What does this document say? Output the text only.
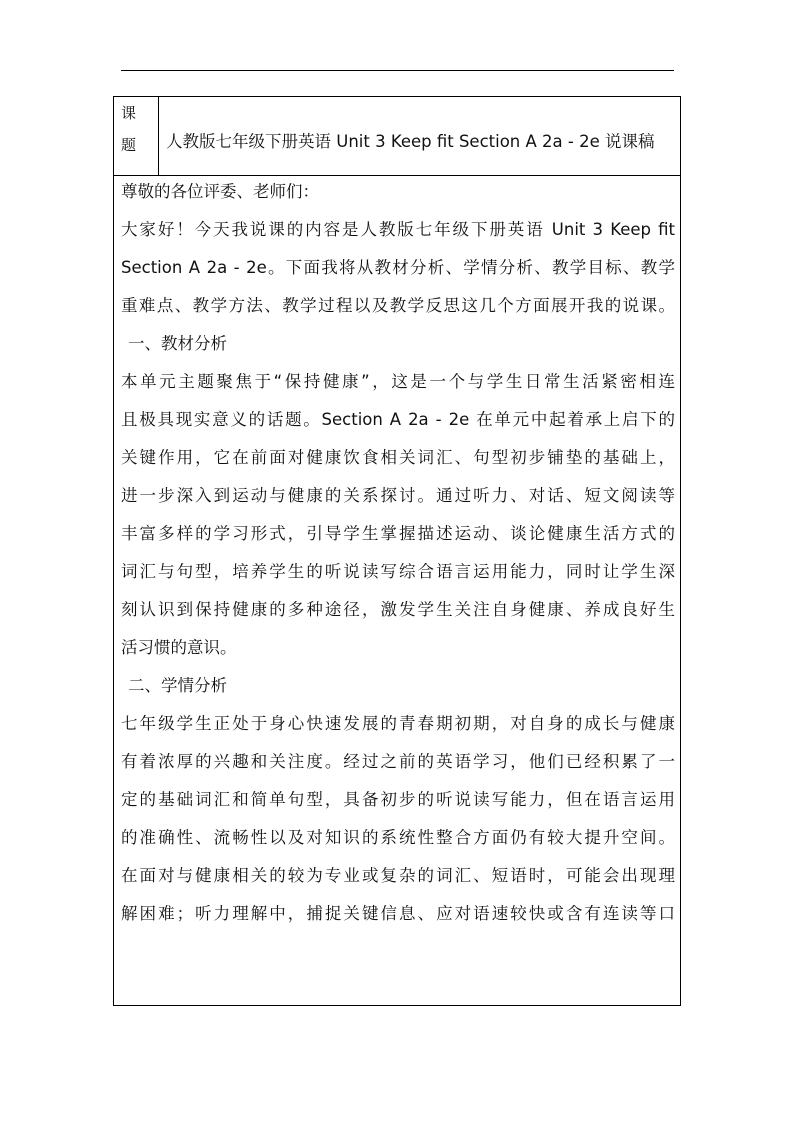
课
题 人教版七年级下册英语 Unit 3 Keep fit Section A 2a - 2e 说课稿
尊敬的各位评委、老师们：
大家好！今天我说课的内容是人教版七年级下册英语 Unit 3 Keep fit
Section A 2a - 2e。下面我将从教材分析、学情分析、教学目标、教学
重难点、教学方法、教学过程以及教学反思这几个方面展开我的说课。
一、教材分析
本单元主题聚焦于“保持健康”，这是一个与学生日常生活紧密相连
且极具现实意义的话题。Section A 2a - 2e 在单元中起着承上启下的
关键作用，它在前面对健康饮食相关词汇、句型初步铺垫的基础上，
进一步深入到运动与健康的关系探讨。通过听力、对话、短文阅读等
丰富多样的学习形式，引导学生掌握描述运动、谈论健康生活方式的
词汇与句型，培养学生的听说读写综合语言运用能力，同时让学生深
刻认识到保持健康的多种途径，激发学生关注自身健康、养成良好生
活习惯的意识。
二、学情分析
七年级学生正处于身心快速发展的青春期初期，对自身的成长与健康
有着浓厚的兴趣和关注度。经过之前的英语学习，他们已经积累了一
定的基础词汇和简单句型，具备初步的听说读写能力，但在语言运用
的准确性、流畅性以及对知识的系统性整合方面仍有较大提升空间。
在面对与健康相关的较为专业或复杂的词汇、短语时，可能会出现理
解困难；听力理解中，捕捉关键信息、应对语速较快或含有连读等口
